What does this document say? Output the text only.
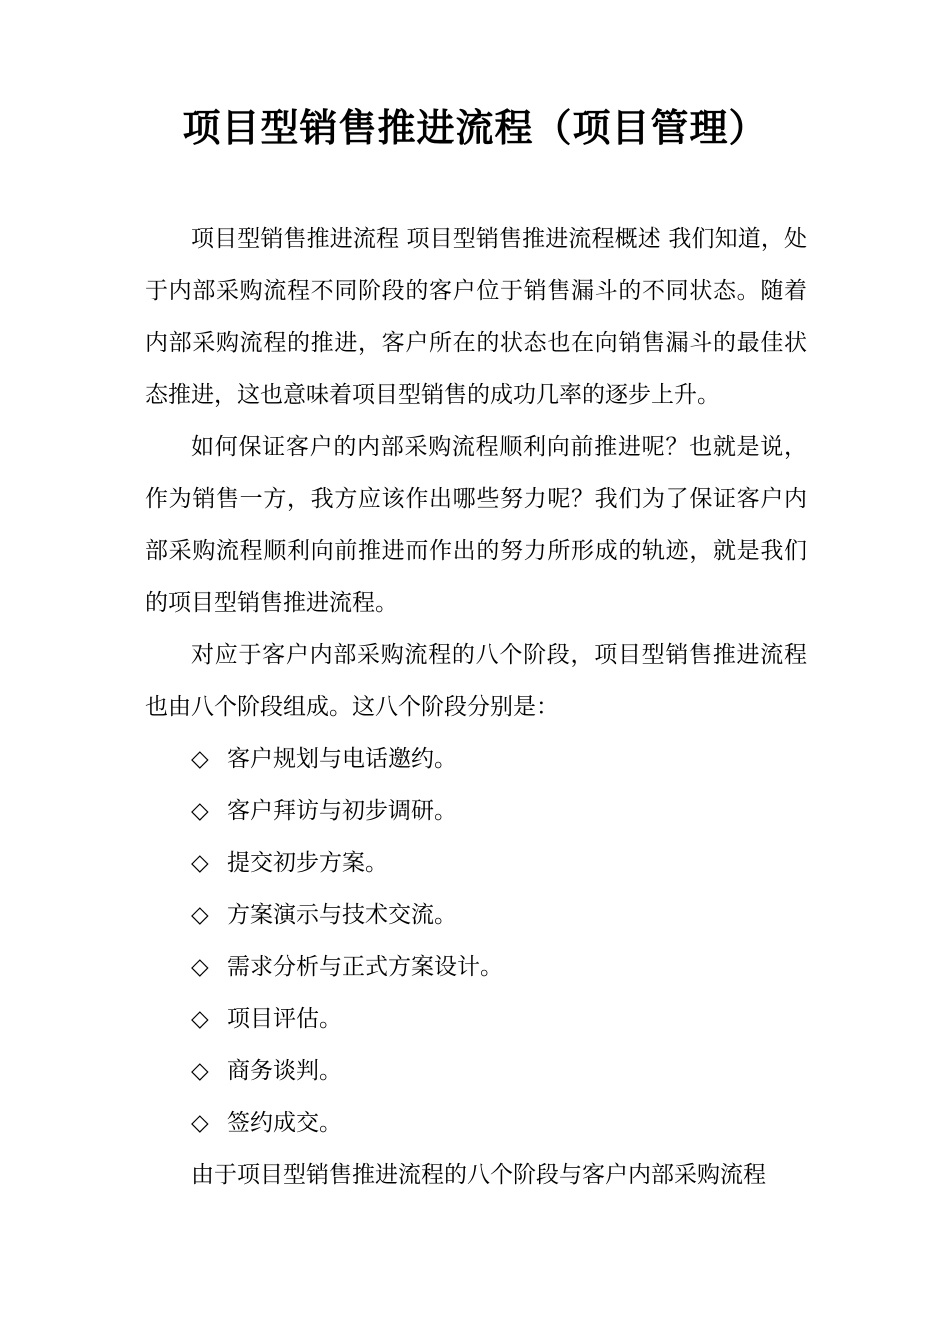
项目型销售推进流程（项目管理）

项目型销售推进流程 项目型销售推进流程概述 我们知道，处于内部采购流程不同阶段的客户位于销售漏斗的不同状态。随着内部采购流程的推进，客户所在的状态也在向销售漏斗的最佳状态推进，这也意味着项目型销售的成功几率的逐步上升。

如何保证客户的内部采购流程顺利向前推进呢？也就是说，作为销售一方，我方应该作出哪些努力呢？我们为了保证客户内部采购流程顺利向前推进而作出的努力所形成的轨迹，就是我们的项目型销售推进流程。

对应于客户内部采购流程的八个阶段，项目型销售推进流程也由八个阶段组成。这八个阶段分别是：

◇ 客户规划与电话邀约。
◇ 客户拜访与初步调研。
◇ 提交初步方案。
◇ 方案演示与技术交流。
◇ 需求分析与正式方案设计。
◇ 项目评估。
◇ 商务谈判。
◇ 签约成交。

由于项目型销售推进流程的八个阶段与客户内部采购流程
